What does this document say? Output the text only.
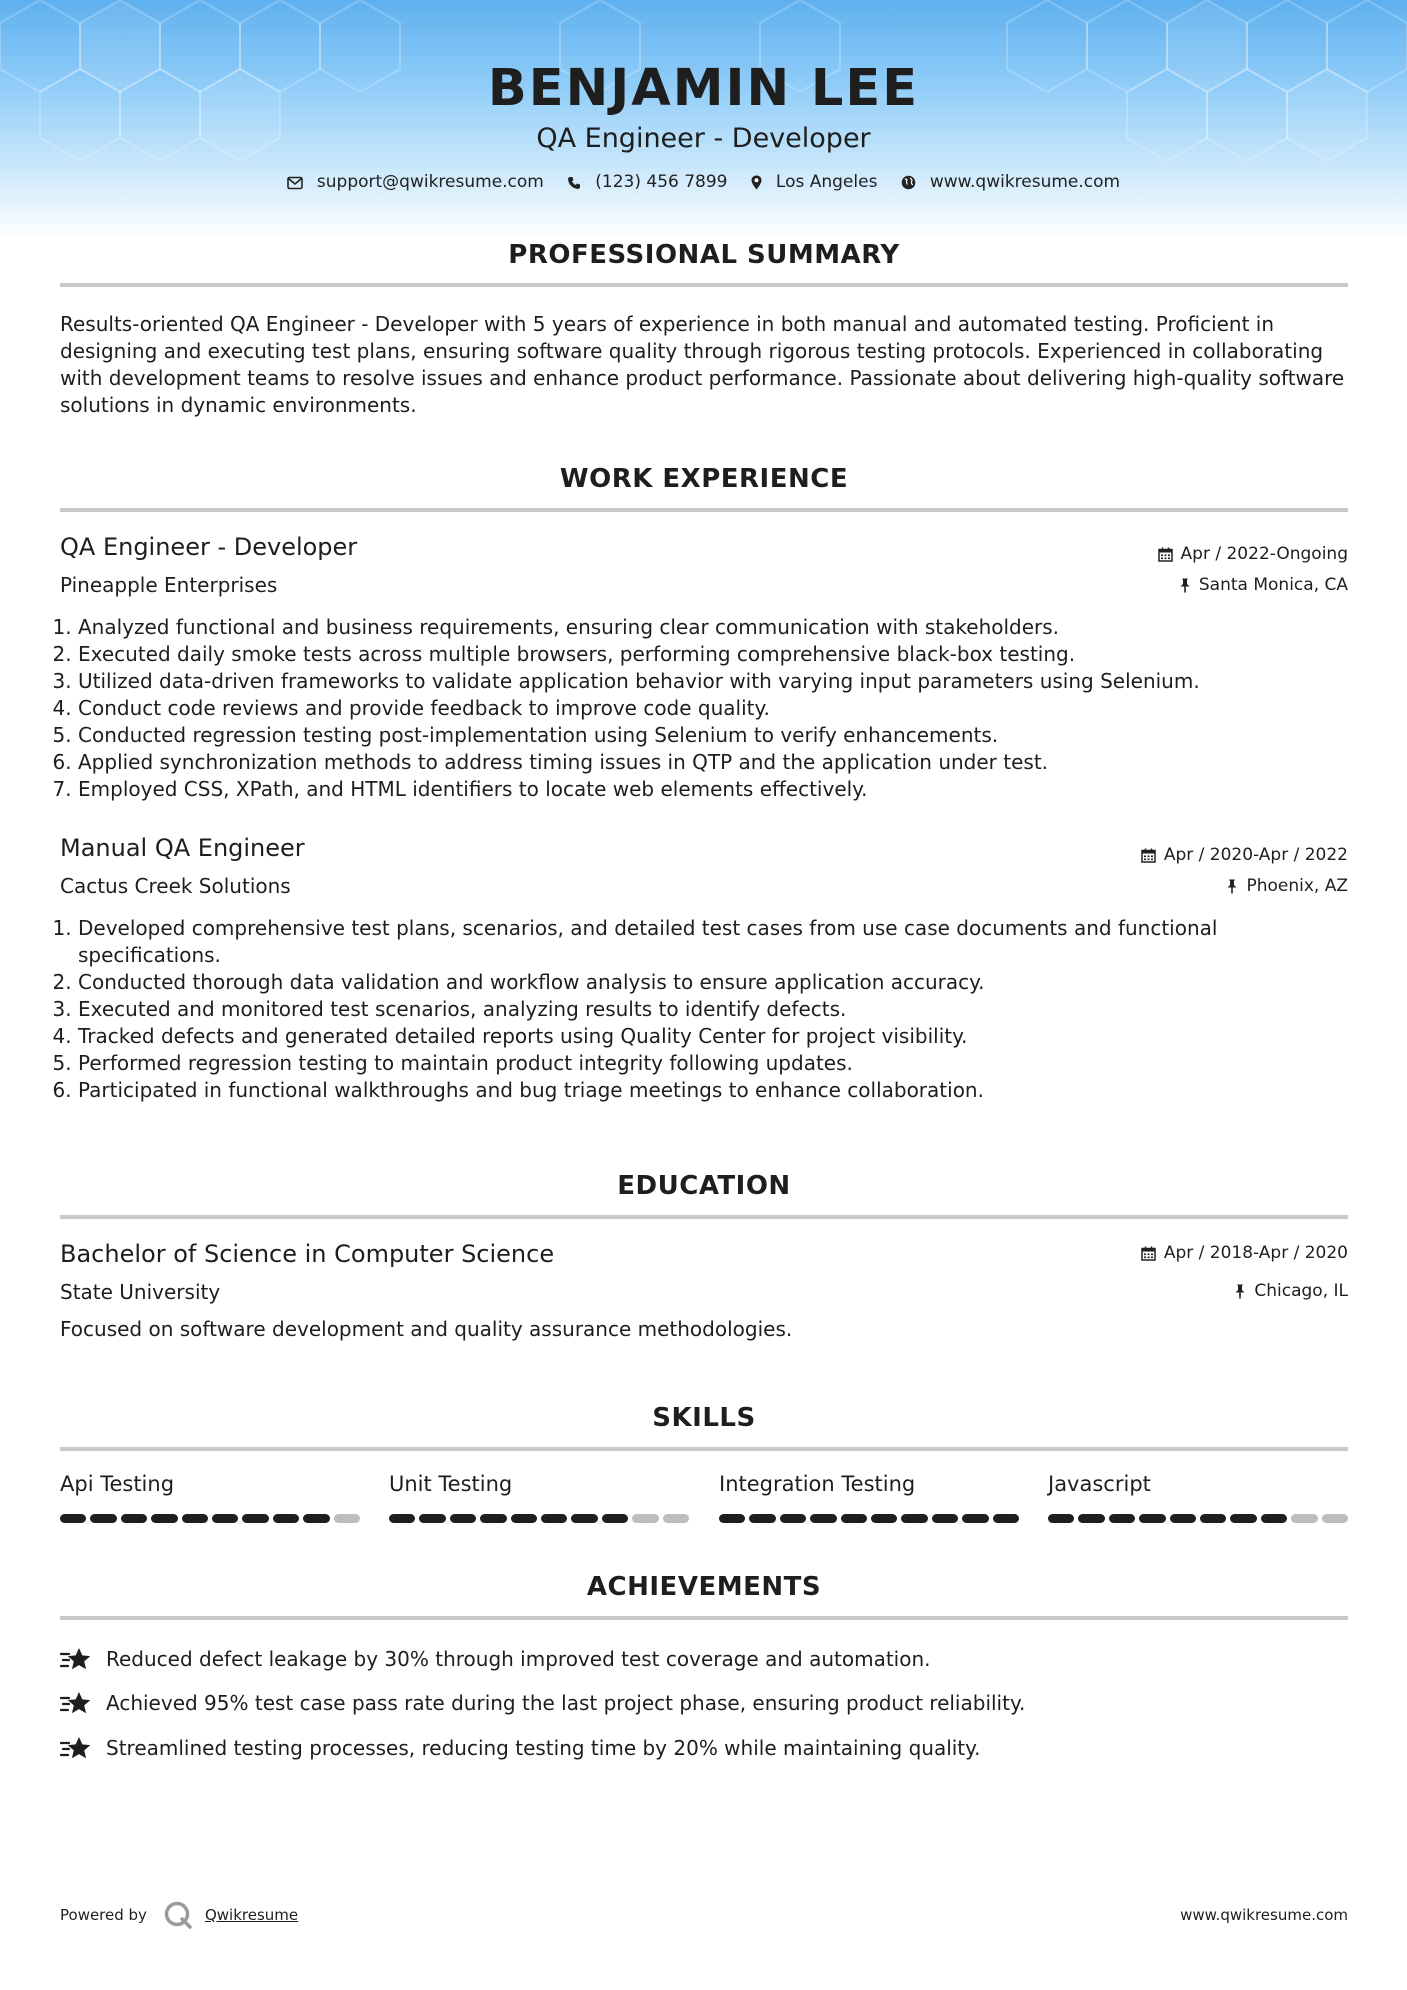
BENJAMIN LEE
QA Engineer - Developer
support@qwikresume.com	(123) 456 7899	Los Angeles	www.qwikresume.com
PROFESSIONAL SUMMARY
Results-oriented QA Engineer - Developer with 5 years of experience in both manual and automated testing. Proficient in designing and executing test plans, ensuring software quality through rigorous testing protocols. Experienced in collaborating with development teams to resolve issues and enhance product performance. Passionate about delivering high-quality software solutions in dynamic environments.
WORK EXPERIENCE
QA Engineer - Developer	Apr / 2022-Ongoing
Pineapple Enterprises	Santa Monica, CA
1. Analyzed functional and business requirements, ensuring clear communication with stakeholders.
2. Executed daily smoke tests across multiple browsers, performing comprehensive black-box testing.
3. Utilized data-driven frameworks to validate application behavior with varying input parameters using Selenium.
4. Conduct code reviews and provide feedback to improve code quality.
5. Conducted regression testing post-implementation using Selenium to verify enhancements.
6. Applied synchronization methods to address timing issues in QTP and the application under test.
7. Employed CSS, XPath, and HTML identifiers to locate web elements effectively.
Manual QA Engineer	Apr / 2020-Apr / 2022
Cactus Creek Solutions	Phoenix, AZ
1. Developed comprehensive test plans, scenarios, and detailed test cases from use case documents and functional specifications.
2. Conducted thorough data validation and workflow analysis to ensure application accuracy.
3. Executed and monitored test scenarios, analyzing results to identify defects.
4. Tracked defects and generated detailed reports using Quality Center for project visibility.
5. Performed regression testing to maintain product integrity following updates.
6. Participated in functional walkthroughs and bug triage meetings to enhance collaboration.
EDUCATION
Bachelor of Science in Computer Science	Apr / 2018-Apr / 2020
State University	Chicago, IL
Focused on software development and quality assurance methodologies.
SKILLS
Api Testing	Unit Testing	Integration Testing	Javascript
ACHIEVEMENTS
Reduced defect leakage by 30% through improved test coverage and automation.
Achieved 95% test case pass rate during the last project phase, ensuring product reliability.
Streamlined testing processes, reducing testing time by 20% while maintaining quality.
Powered by	Qwikresume	www.qwikresume.com
